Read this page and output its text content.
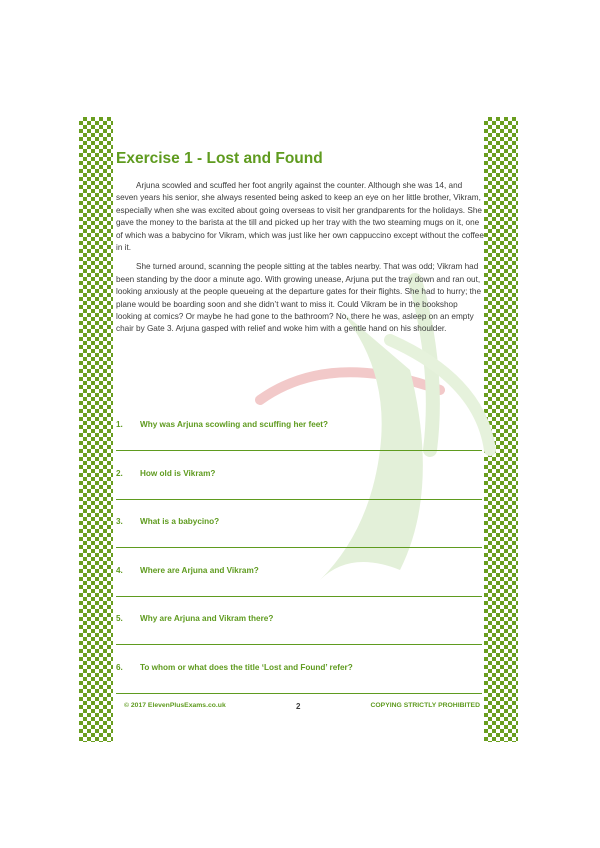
Exercise 1 - Lost and Found

Arjuna scowled and scuffed her foot angrily against the counter. Although she was 14, and seven years his senior, she always resented being asked to keep an eye on her little brother, Vikram, especially when she was excited about going overseas to visit her grandparents for the holidays. She gave the money to the barista at the till and picked up her tray with the two steaming mugs on it, one of which was a babycino for Vikram, which was just like her own cappuccino except without the coffee in it.

She turned around, scanning the people sitting at the tables nearby. That was odd; Vikram had been standing by the door a minute ago. With growing unease, Arjuna put the tray down and ran out, looking anxiously at the people queueing at the departure gates for their flights. She had to hurry; the plane would be boarding soon and she didn’t want to miss it. Could Vikram be in the bookshop looking at comics? Or maybe he had gone to the bathroom? No, there he was, asleep on an empty chair by Gate 3. Arjuna gasped with relief and woke him with a gentle hand on his shoulder.

1. Why was Arjuna scowling and scuffing her feet?
2. How old is Vikram?
3. What is a babycino?
4. Where are Arjuna and Vikram?
5. Why are Arjuna and Vikram there?
6. To whom or what does the title ‘Lost and Found’ refer?
© 2017 ElevenPlusExams.co.uk	2	COPYING STRICTLY PROHIBITED
